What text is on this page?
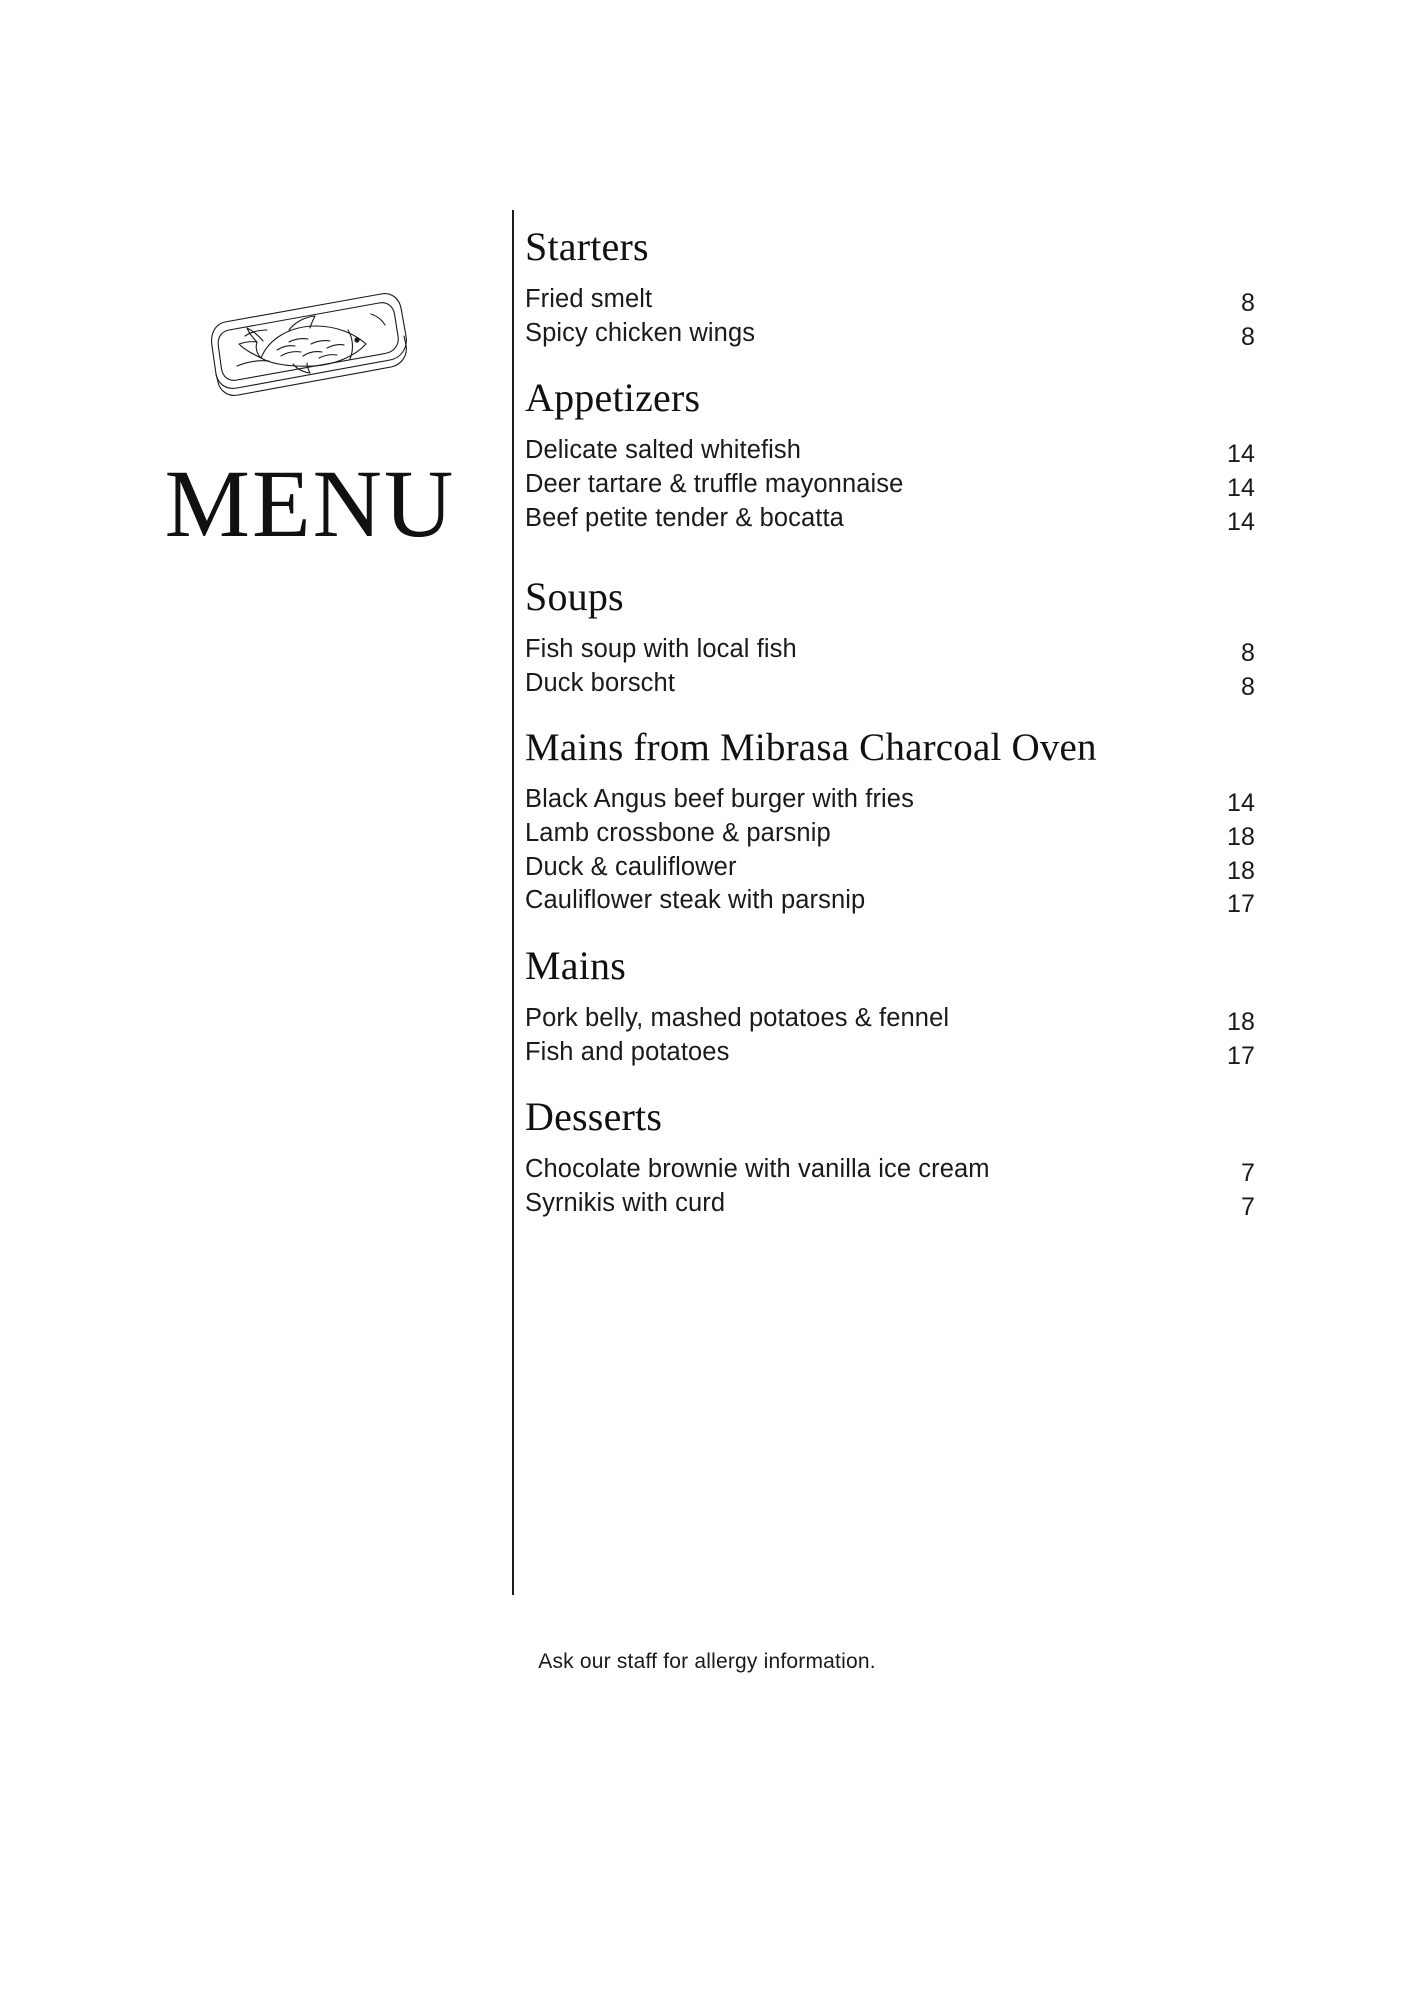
MENU
Starters
Fried smelt	8
Spicy chicken wings	8
Appetizers
Delicate salted whitefish	14
Deer tartare & truffle mayonnaise	14
Beef petite tender & bocatta	14
Soups
Fish soup with local fish	8
Duck borscht	8
Mains from Mibrasa Charcoal Oven
Black Angus beef burger with fries	14
Lamb crossbone & parsnip	18
Duck & cauliflower	18
Cauliflower steak with parsnip	17
Mains
Pork belly, mashed potatoes & fennel	18
Fish and potatoes	17
Desserts
Chocolate brownie with vanilla ice cream	7
Syrnikis with curd	7
Ask our staff for allergy information.
